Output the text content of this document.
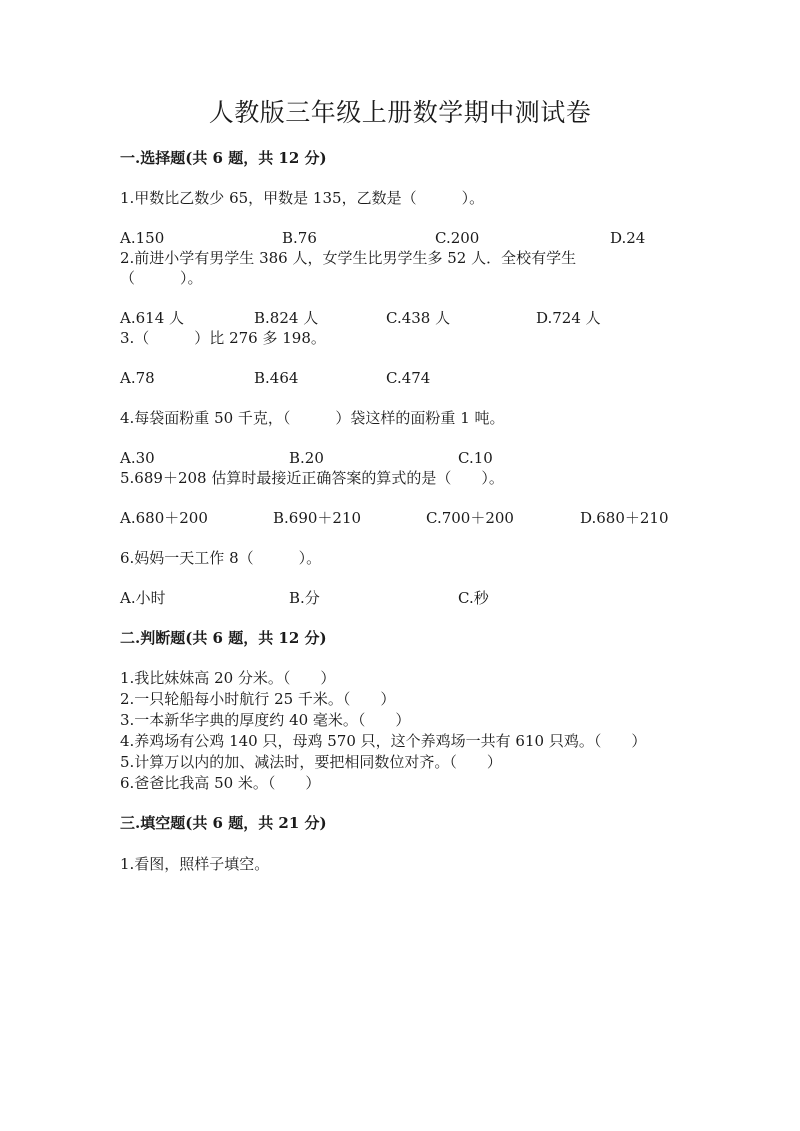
人教版三年级上册数学期中测试卷
一.选择题(共 6 题，共 12 分)

1.甲数比乙数少 65，甲数是 135，乙数是（　　　）。

A.150	B.76	C.200	D.24

2.前进小学有男学生 386 人，女学生比男学生多 52 人．全校有学生

（　　　）。

A.614 人	B.824 人	C.438 人	D.724 人

3.（　　　）比 276 多 198。

A.78	B.464	C.474

4.每袋面粉重 50 千克，（　　　）袋这样的面粉重 1 吨。

A.30	B.20	C.10

5.689＋208 估算时最接近正确答案的算式的是（　　）。

A.680＋200	B.690＋210	C.700＋200	D.680＋210

6.妈妈一天工作 8（　　　）。

A.小时	B.分	C.秒
二.判断题(共 6 题，共 12 分)

1.我比妹妹高 20 分米。（　　）

2.一只轮船每小时航行 25 千米。（　　）

3.一本新华字典的厚度约 40 毫米。（　　）

4.养鸡场有公鸡 140 只，母鸡 570 只，这个养鸡场一共有 610 只鸡。（　　）

5.计算万以内的加、减法时，要把相同数位对齐。（　　）

6.爸爸比我高 50 米。（　　）

三.填空题(共 6 题，共 21 分)

1.看图，照样子填空。
